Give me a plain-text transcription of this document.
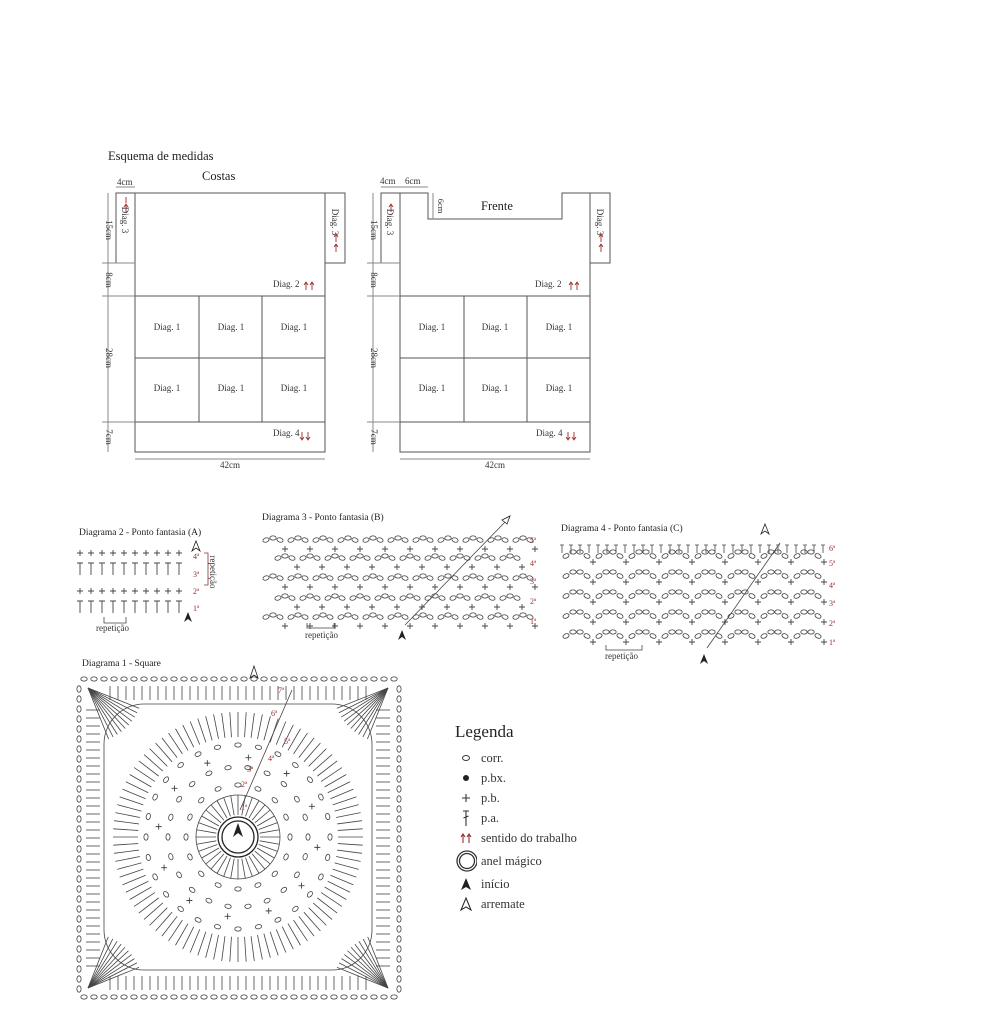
Esquema de medidas
Costas
4cm
15cm
8cm
28cm
7cm
42cm
Diag. 3	Diag. 3
Diag. 2
Diag. 4
Diag. 1	Diag. 1	Diag. 1
Diag. 1	Diag. 1	Diag. 1
Frente
4cm 6cm
6cm
15cm
8cm
28cm
7cm
42cm
Diag. 3	Diag. 3
Diag. 2
Diag. 4
Diag. 1	Diag. 1	Diag. 1
Diag. 1	Diag. 1	Diag. 1
Diagrama 2 - Ponto fantasia (A)
repetição
repetição
4ª
3ª
2ª
1ª
Diagrama 3 - Ponto fantasia (B)
repetição
5ª
4ª
3ª
2ª
1ª
Diagrama 4 - Ponto fantasia (C)
repetição
6ª
5ª
4ª
3ª
2ª
1ª
Diagrama 1 - Square
7ª
6ª
5ª
4ª
3ª
2ª
1ª
Legenda
corr.
p.bx.
p.b.
p.a.
sentido do trabalho
anel mágico
início
arremate
